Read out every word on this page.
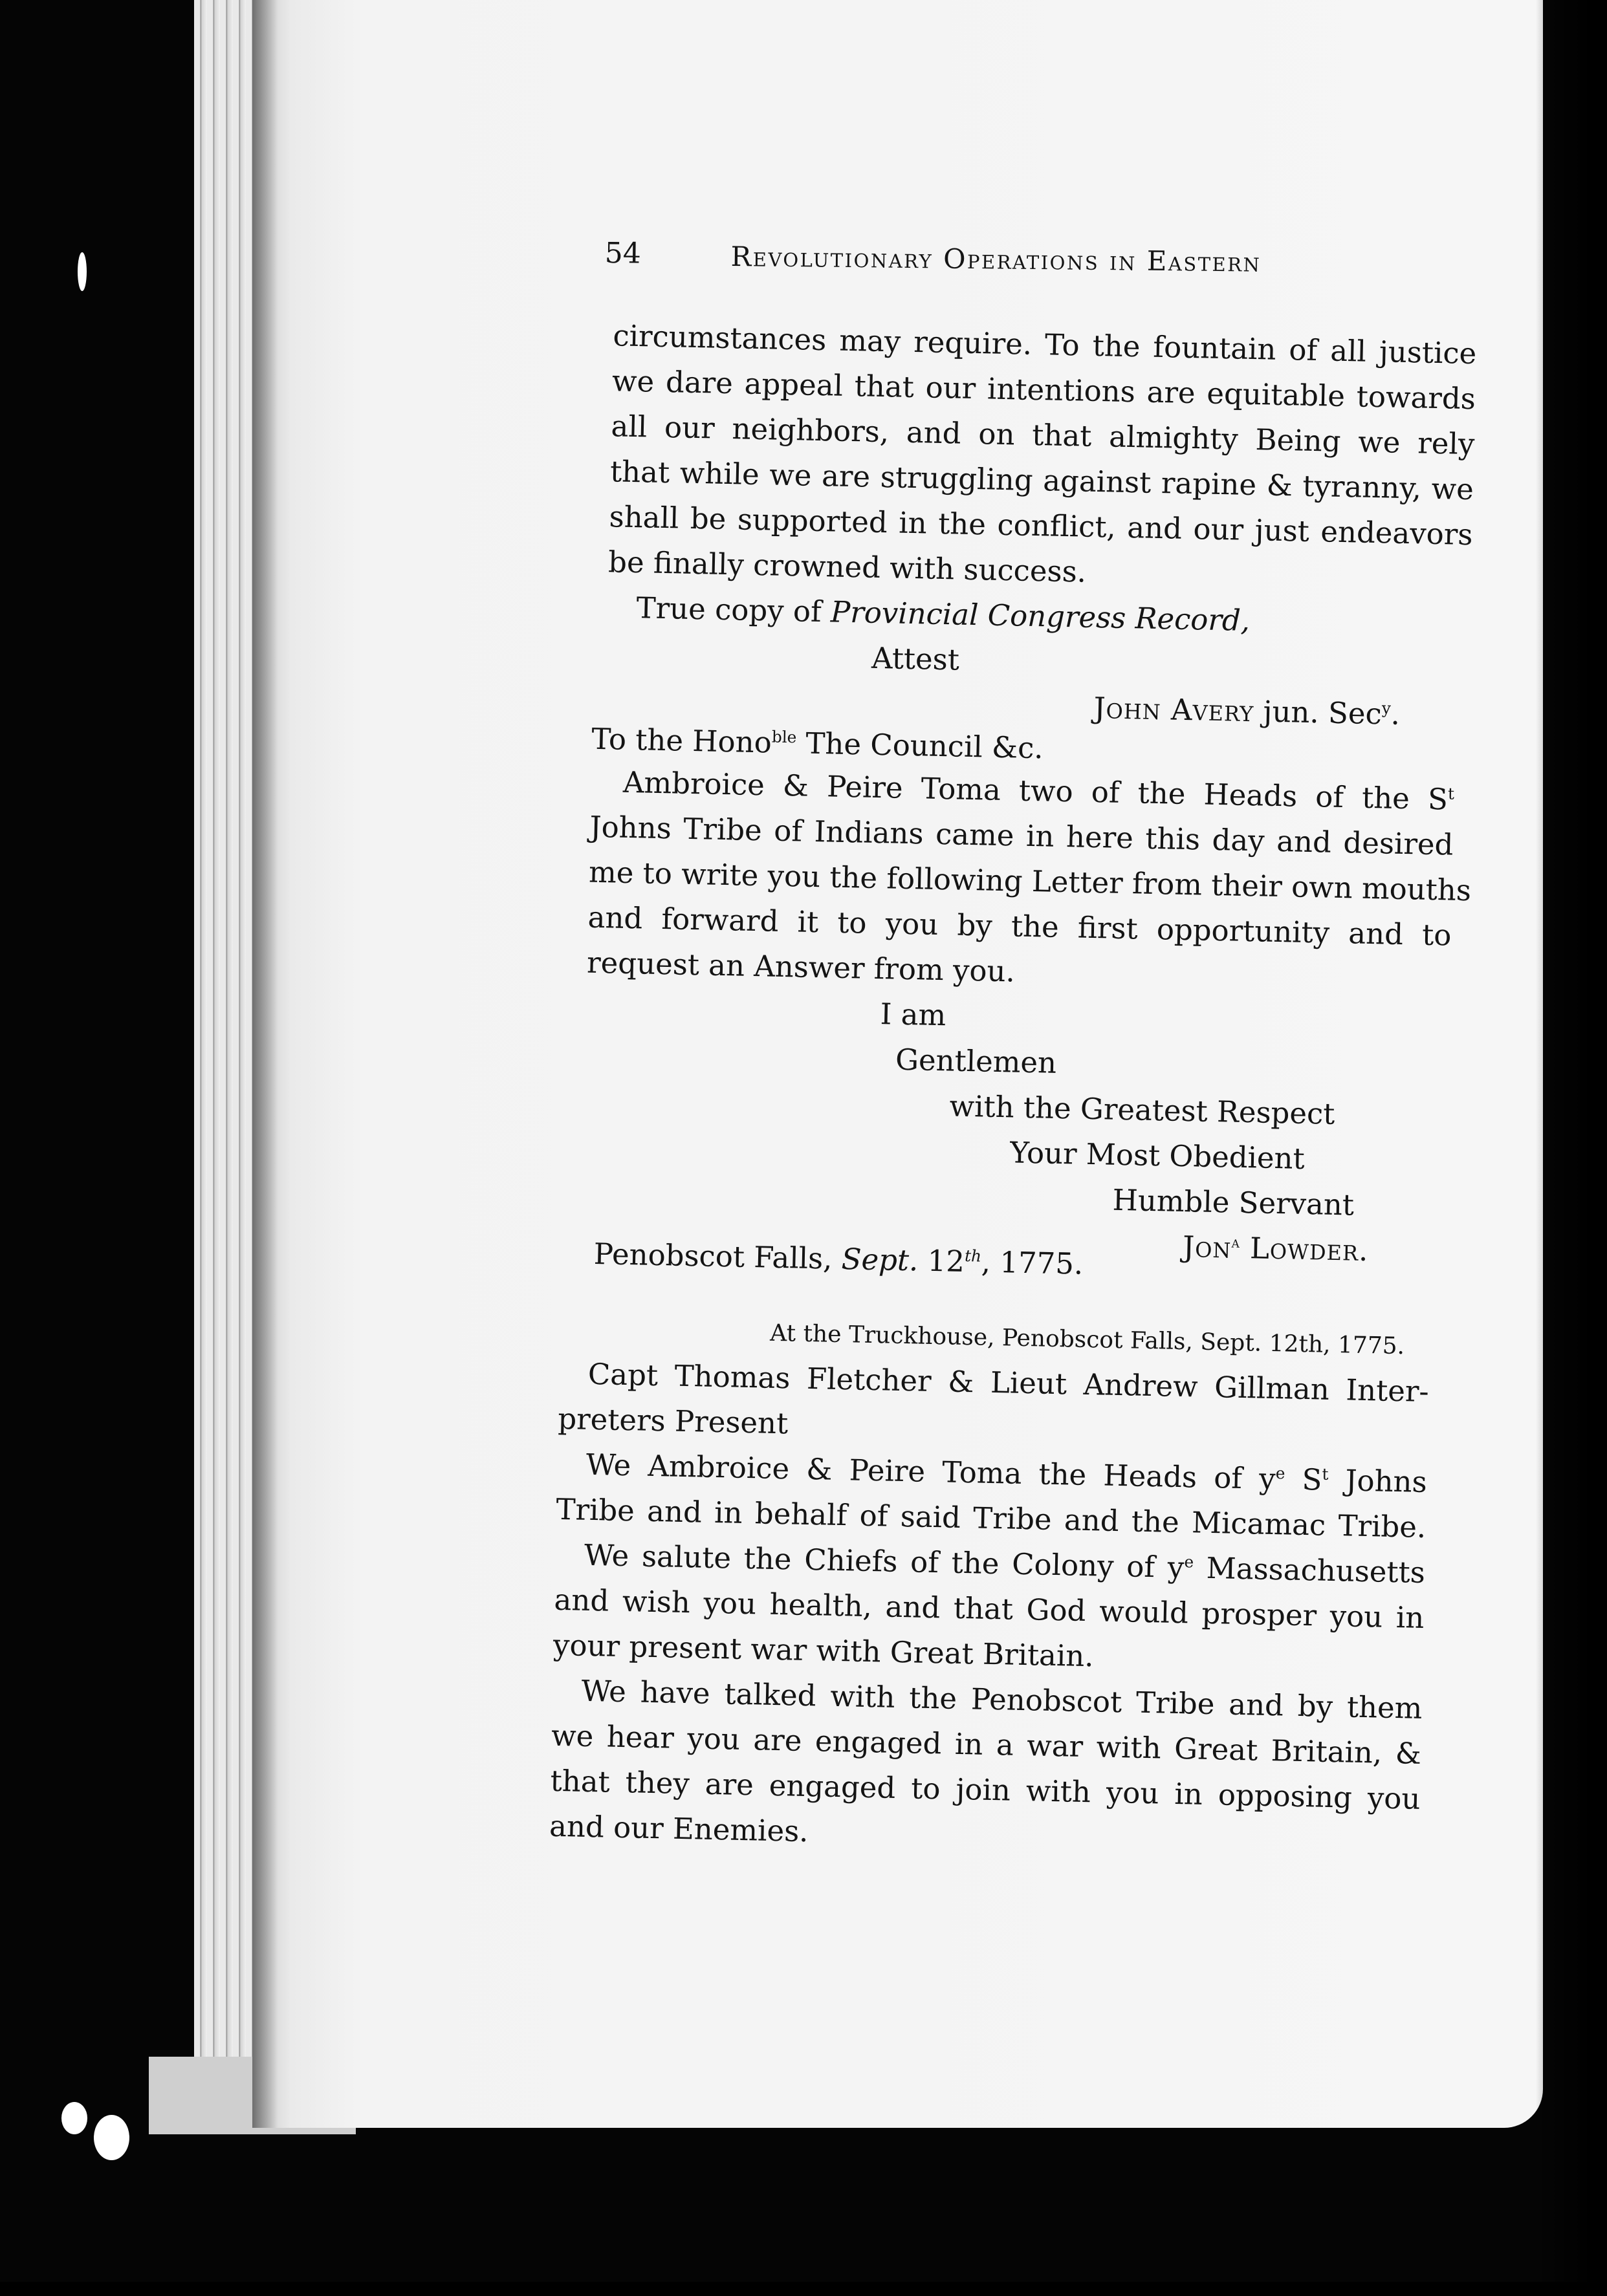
54	Revolutionary Operations in Eastern
circumstances may require. To the fountain of all justice
we dare appeal that our intentions are equitable towards
all our neighbors, and on that almighty Being we rely
that while we are struggling against rapine & tyranny, we
shall be supported in the conflict, and our just endeavors
be finally crowned with success.
True copy of Provincial Congress Record,
Attest
John Avery jun. Sec$^y$.
To the Hono$^{ble}$ The Council &c.
Ambroice & Peire Toma two of the Heads of the $S^t$
Johns Tribe of Indians came in here this day and desired
me to write you the following Letter from their own mouths
and forward it to you by the first opportunity and to
request an Answer from you.
I am
Gentlemen
with the Greatest Respect
Your Most Obedient
Humble Servant
Jon$^a$ Lowder.
Penobscot Falls, Sept. 12th, 1775.
At the Truckhouse, Penobscot Falls, Sept. 12th, 1775.
Capt Thomas Fletcher & Lieut Andrew Gillman Inter-
preters Present
We Ambroice & Peire Toma the Heads of $y^e$ $S^t$ Johns
Tribe and in behalf of said Tribe and the Micamac Tribe.
We salute the Chiefs of the Colony of $y^e$ Massachusetts
and wish you health, and that God would prosper you in
your present war with Great Britain.
We have talked with the Penobscot Tribe and by them
we hear you are engaged in a war with Great Britain, &
that they are engaged to join with you in opposing you
and our Enemies.
